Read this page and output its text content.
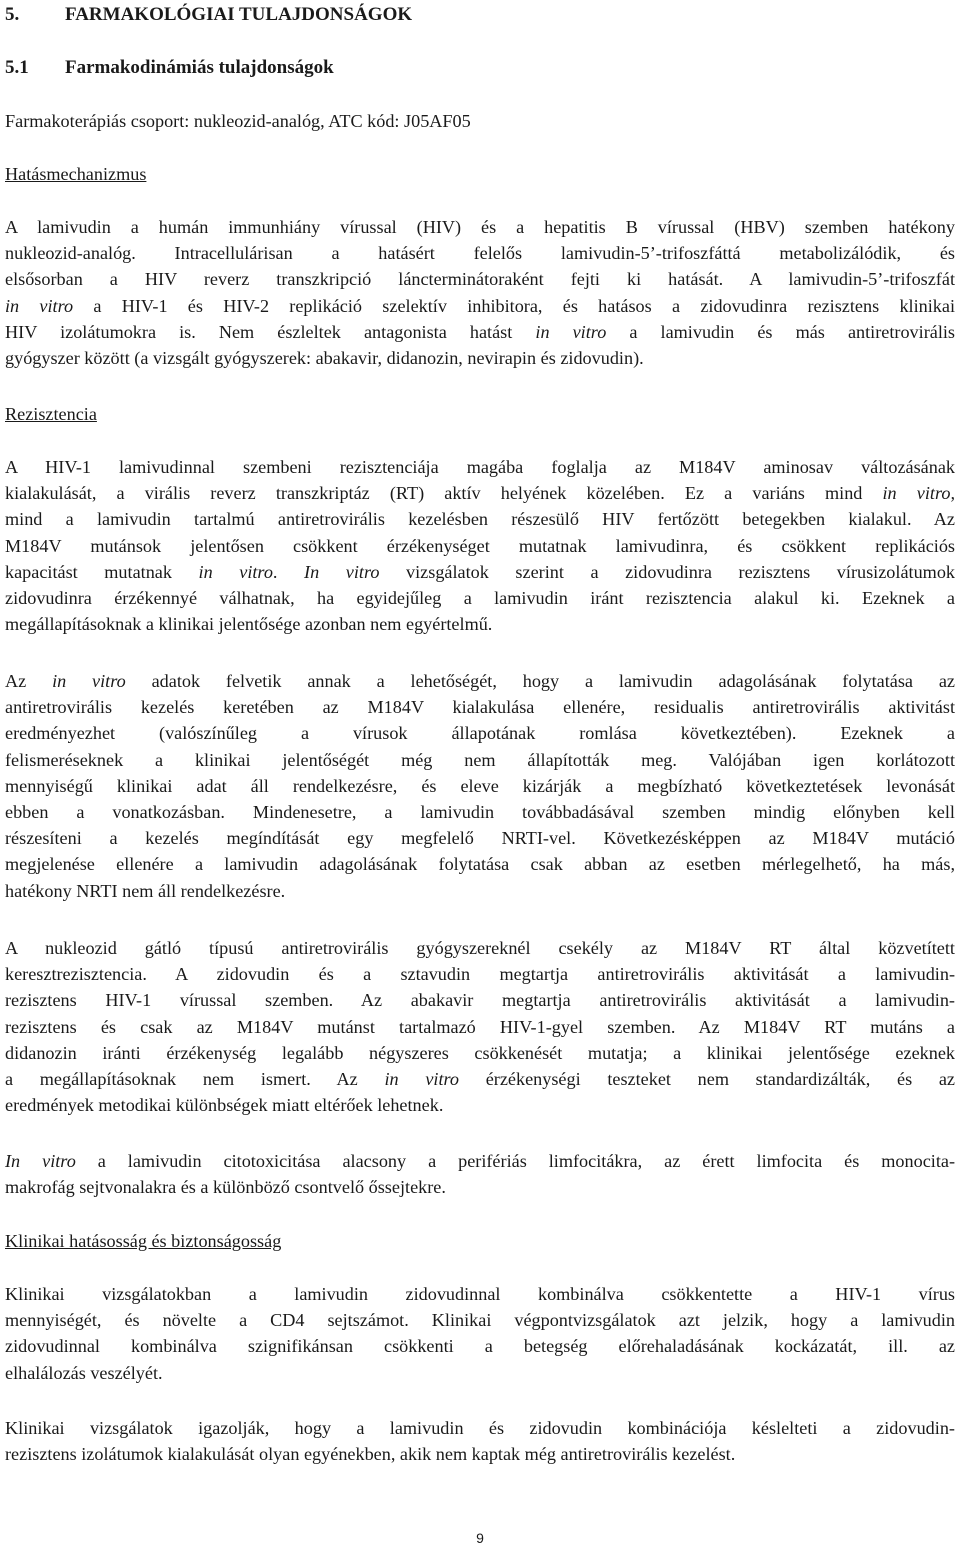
5. FARMAKOLÓGIAI TULAJDONSÁGOK
5.1 Farmakodinámiás tulajdonságok

Farmakoterápiás csoport: nukleozid-analóg, ATC kód: J05AF05

Hatásmechanizmus

A lamivudin a humán immunhiány vírussal (HIV) és a hepatitis B vírussal (HBV) szemben hatékony
nukleozid-analóg. Intracellulárisan a hatásért felelős lamivudin-5’-trifoszfáttá metabolizálódik, és
elsősorban a HIV reverz transzkripció láncterminátoraként fejti ki hatását. A lamivudin-5’-trifoszfát
in vitro a HIV-1 és HIV-2 replikáció szelektív inhibitora, és hatásos a zidovudinra rezisztens klinikai
HIV izolátumokra is. Nem észleltek antagonista hatást in vitro a lamivudin és más antiretrovirális
gyógyszer között (a vizsgált gyógyszerek: abakavir, didanozin, nevirapin és zidovudin).

Rezisztencia

A HIV-1 lamivudinnal szembeni rezisztenciája magába foglalja az M184V aminosav változásának
kialakulását, a virális reverz transzkriptáz (RT) aktív helyének közelében. Ez a variáns mind in vitro,
mind a lamivudin tartalmú antiretrovirális kezelésben részesülő HIV fertőzött betegekben kialakul. Az
M184V mutánsok jelentősen csökkent érzékenységet mutatnak lamivudinra, és csökkent replikációs
kapacitást mutatnak in vitro. In vitro vizsgálatok szerint a zidovudinra rezisztens vírusizolátumok
zidovudinra érzékennyé válhatnak, ha egyidejűleg a lamivudin iránt rezisztencia alakul ki. Ezeknek a
megállapításoknak a klinikai jelentősége azonban nem egyértelmű.
Az in vitro adatok felvetik annak a lehetőségét, hogy a lamivudin adagolásának folytatása az
antiretrovirális kezelés keretében az M184V kialakulása ellenére, residualis antiretrovirális aktivitást
eredményezhet (valószínűleg a vírusok állapotának romlása következtében). Ezeknek a
felismeréseknek a klinikai jelentőségét még nem állapították meg. Valójában igen korlátozott
mennyiségű klinikai adat áll rendelkezésre, és eleve kizárják a megbízható következtetések levonását
ebben a vonatkozásban. Mindenesetre, a lamivudin továbbadásával szemben mindig előnyben kell
részesíteni a kezelés megíndítását egy megfelelő NRTI-vel. Következésképpen az M184V mutáció
megjelenése ellenére a lamivudin adagolásának folytatása csak abban az esetben mérlegelhető, ha más,
hatékony NRTI nem áll rendelkezésre.
A nukleozid gátló típusú antiretrovirális gyógyszereknél csekély az M184V RT által közvetített
keresztrezisztencia. A zidovudin és a sztavudin megtartja antiretrovirális aktivitását a lamivudin-
rezisztens HIV-1 vírussal szemben. Az abakavir megtartja antiretrovirális aktivitását a lamivudin-
rezisztens és csak az M184V mutánst tartalmazó HIV-1-gyel szemben. Az M184V RT mutáns a
didanozin iránti érzékenység legalább négyszeres csökkenését mutatja; a klinikai jelentősége ezeknek
a megállapításoknak nem ismert. Az in vitro érzékenységi teszteket nem standardizálták, és az
eredmények metodikai különbségek miatt eltérőek lehetnek.
In vitro a lamivudin citotoxicitása alacsony a perifériás limfocitákra, az érett limfocita és monocita-
makrofág sejtvonalakra és a különböző csontvelő őssejtekre.

Klinikai hatásosság és biztonságosság

Klinikai vizsgálatokban a lamivudin zidovudinnal kombinálva csökkentette a HIV-1 vírus
mennyiségét, és növelte a CD4 sejtszámot. Klinikai végpontvizsgálatok azt jelzik, hogy a lamivudin
zidovudinnal kombinálva szignifikánsan csökkenti a betegség előrehaladásának kockázatát, ill. az
elhalálozás veszélyét.
Klinikai vizsgálatok igazolják, hogy a lamivudin és zidovudin kombinációja késlelteti a zidovudin-
rezisztens izolátumok kialakulását olyan egyénekben, akik nem kaptak még antiretrovirális kezelést.
9
